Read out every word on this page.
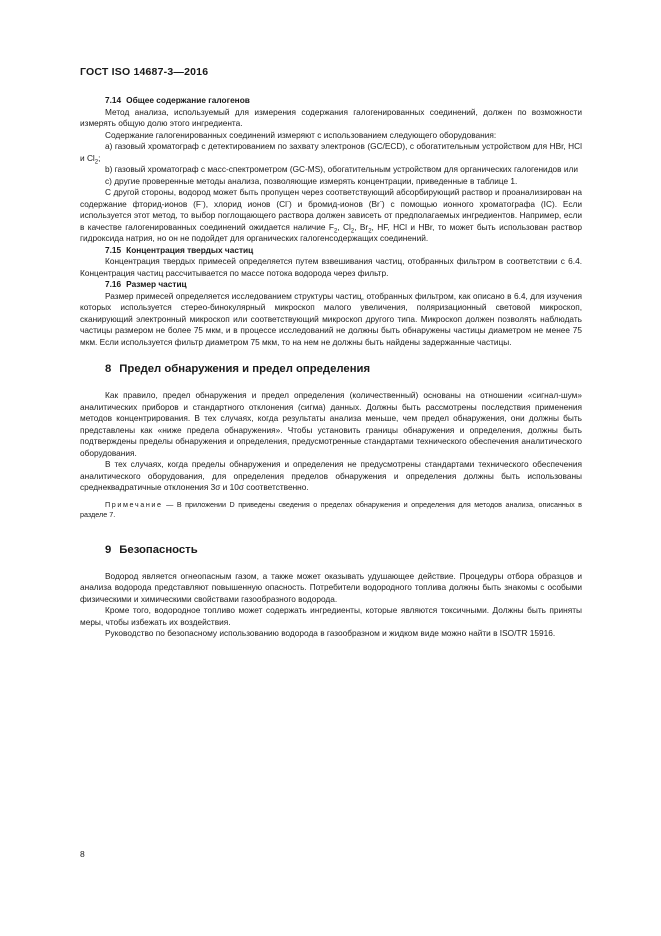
ГОСТ ISO 14687-3—2016

7.14 Общее содержание галогенов

Метод анализа, используемый для измерения содержания галогенированных соединений, должен по возможности измерять общую долю этого ингредиента.

Содержание галогенированных соединений измеряют с использованием следующего оборудования:

a) газовый хроматограф с детектированием по захвату электронов (GC/ECD), с обогатительным устройством для HBr, HCl и $Cl_2$;

b) газовый хроматограф с масс-спектрометром (GC-MS), обогатительным устройством для органических галогенидов или

c) другие проверенные методы анализа, позволяющие измерять концентрации, приведенные в таблице 1.

С другой стороны, водород может быть пропущен через соответствующий абсорбирующий раствор и проанализирован на содержание фторид-ионов (F-), хлорид ионов (Cl-) и бромид-ионов (Br-) с помощью ионного хроматографа (IC). Если используется этот метод, то выбор поглощающего раствора должен зависеть от предполагаемых ингредиентов. Например, если в качестве галогенированных соединений ожидается наличие $F_2$, $Cl_2$, $Br_2$, HF, HCl и HBr, то может быть использован раствор гидроксида натрия, но он не подойдет для органических галогенсодержащих соединений.

7.15 Концентрация твердых частиц

Концентрация твердых примесей определяется путем взвешивания частиц, отобранных фильтром в соответствии с 6.4. Концентрация частиц рассчитывается по массе потока водорода через фильтр.

7.16 Размер частиц

Размер примесей определяется исследованием структуры частиц, отобранных фильтром, как описано в 6.4, для изучения которых используется стерео-бинокулярный микроскоп малого увеличения, поляризационный световой микроскоп, сканирующий электронный микроскоп или соответствующий микроскоп другого типа. Микроскоп должен позволять наблюдать частицы размером не более 75 мкм, и в процессе исследований не должны быть обнаружены частицы диаметром не менее 75 мкм. Если используется фильтр диаметром 75 мкм, то на нем не должны быть найдены задержанные частицы.

8 Предел обнаружения и предел определения

Как правило, предел обнаружения и предел определения (количественный) основаны на отношении «сигнал-шум» аналитических приборов и стандартного отклонения (сигма) данных. Должны быть рассмотрены последствия применения методов концентрирования. В тех случаях, когда результаты анализа меньше, чем предел обнаружения, они должны быть представлены как «ниже предела обнаружения». Чтобы установить границы обнаружения и определения, должны быть подтверждены пределы обнаружения и определения, предусмотренные стандартами технического обеспечения аналитического оборудования.

В тех случаях, когда пределы обнаружения и определения не предусмотрены стандартами технического обеспечения аналитического оборудования, для определения пределов обнаружения и определения должны быть использованы среднеквадратичные отклонения 3σ и 10σ соответственно.

Примечание — В приложении D приведены сведения о пределах обнаружения и определения для методов анализа, описанных в разделе 7.

9 Безопасность

Водород является огнеопасным газом, а также может оказывать удушающее действие. Процедуры отбора образцов и анализа водорода представляют повышенную опасность. Потребители водородного топлива должны быть знакомы с особыми физическими и химическими свойствами газообразного водорода.

Кроме того, водородное топливо может содержать ингредиенты, которые являются токсичными. Должны быть приняты меры, чтобы избежать их воздействия.

Руководство по безопасному использованию водорода в газообразном и жидком виде можно найти в ISO/TR 15916.

8
